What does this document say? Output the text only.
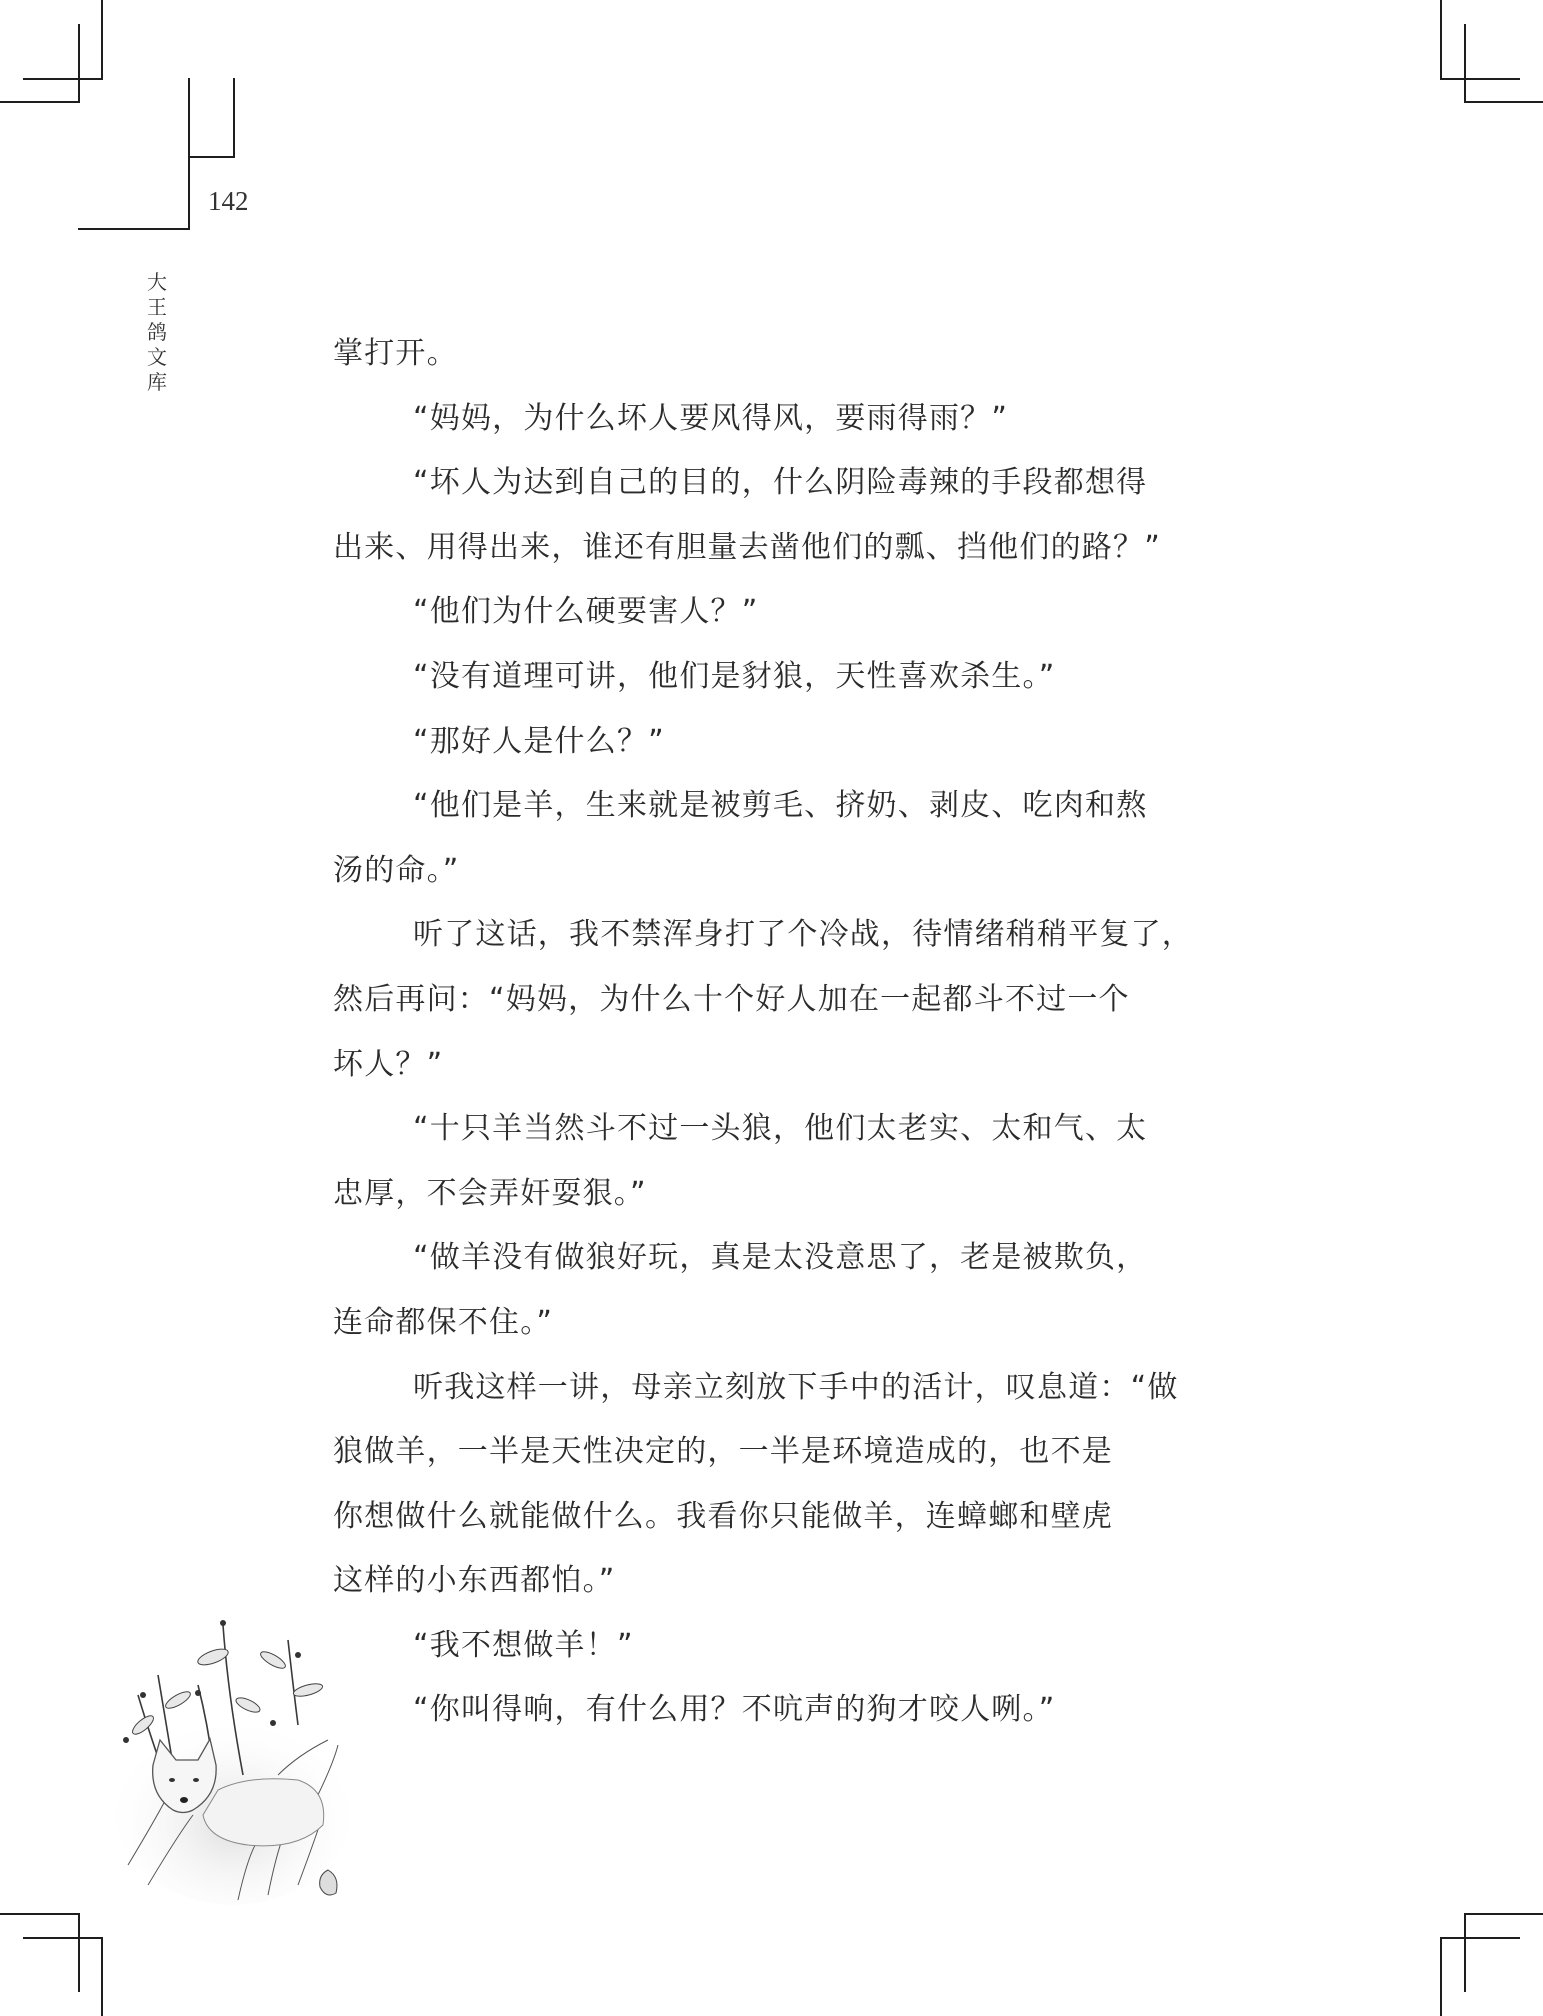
142
大王鸽文库

掌打开。

“妈妈，为什么坏人要风得风，要雨得雨？”

“坏人为达到自己的目的，什么阴险毒辣的手段都想得

出来、用得出来，谁还有胆量去凿他们的瓢、挡他们的路？”

“他们为什么硬要害人？”

“没有道理可讲，他们是豺狼，天性喜欢杀生。”

“那好人是什么？”

“他们是羊，生来就是被剪毛、挤奶、剥皮、吃肉和熬

汤的命。”

听了这话，我不禁浑身打了个冷战，待情绪稍稍平复了，

然后再问：“妈妈，为什么十个好人加在一起都斗不过一个

坏人？”

“十只羊当然斗不过一头狼，他们太老实、太和气、太

忠厚，不会弄奸耍狠。”

“做羊没有做狼好玩，真是太没意思了，老是被欺负，

连命都保不住。”

听我这样一讲，母亲立刻放下手中的活计，叹息道：“做

狼做羊，一半是天性决定的，一半是环境造成的，也不是

你想做什么就能做什么。我看你只能做羊，连蟑螂和壁虎

这样的小东西都怕。”

“我不想做羊！”

“你叫得响，有什么用？不吭声的狗才咬人咧。”
